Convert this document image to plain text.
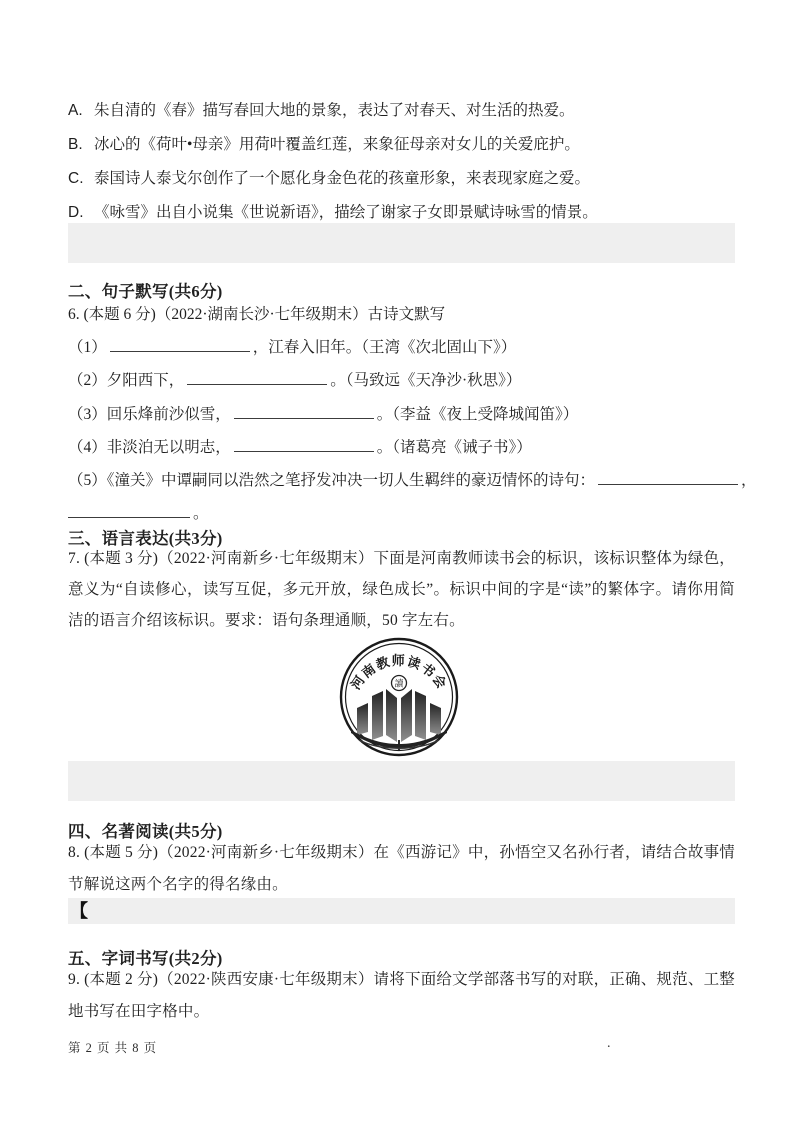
A. 朱自清的《春》描写春回大地的景象，表达了对春天、对生活的热爱。

B. 冰心的《荷叶•母亲》用荷叶覆盖红莲，来象征母亲对女儿的关爱庇护。

C. 泰国诗人泰戈尔创作了一个愿化身金色花的孩童形象，来表现家庭之爱。

D. 《咏雪》出自小说集《世说新语》，描绘了谢家子女即景赋诗咏雪的情景。

二、句子默写(共6分)

6. (本题 6 分)（2022·湖南长沙·七年级期末）古诗文默写

（1）	，江春入旧年。（王湾《次北固山下》）

（2）夕阳西下，	。（马致远《天净沙·秋思》）

（3）回乐烽前沙似雪，	。（李益《夜上受降城闻笛》）

（4）非淡泊无以明志，	。（诸葛亮《诫子书》）

（5）《潼关》中谭嗣同以浩然之笔抒发冲决一切人生羁绊的豪迈情怀的诗句：	，

。

三、语言表达(共3分)

7. (本题 3 分)（2022·河南新乡·七年级期末）下面是河南教师读书会的标识，该标识整体为绿色，意义为“自读修心，读写互促，多元开放，绿色成长”。标识中间的字是“读”的繁体字。请你用简洁的语言介绍该标识。要求：语句条理通顺，50 字左右。

河南教师读书会
讀
四、名著阅读(共5分)

8. (本题 5 分)（2022·河南新乡·七年级期末）在《西游记》中，孙悟空又名孙行者，请结合故事情节解说这两个名字的得名缘由。

【
五、字词书写(共2分)

9. (本题 2 分)（2022·陕西安康·七年级期末）请将下面给文学部落书写的对联，正确、规范、工整地书写在田字格中。

第 2 页 共 8 页	.
